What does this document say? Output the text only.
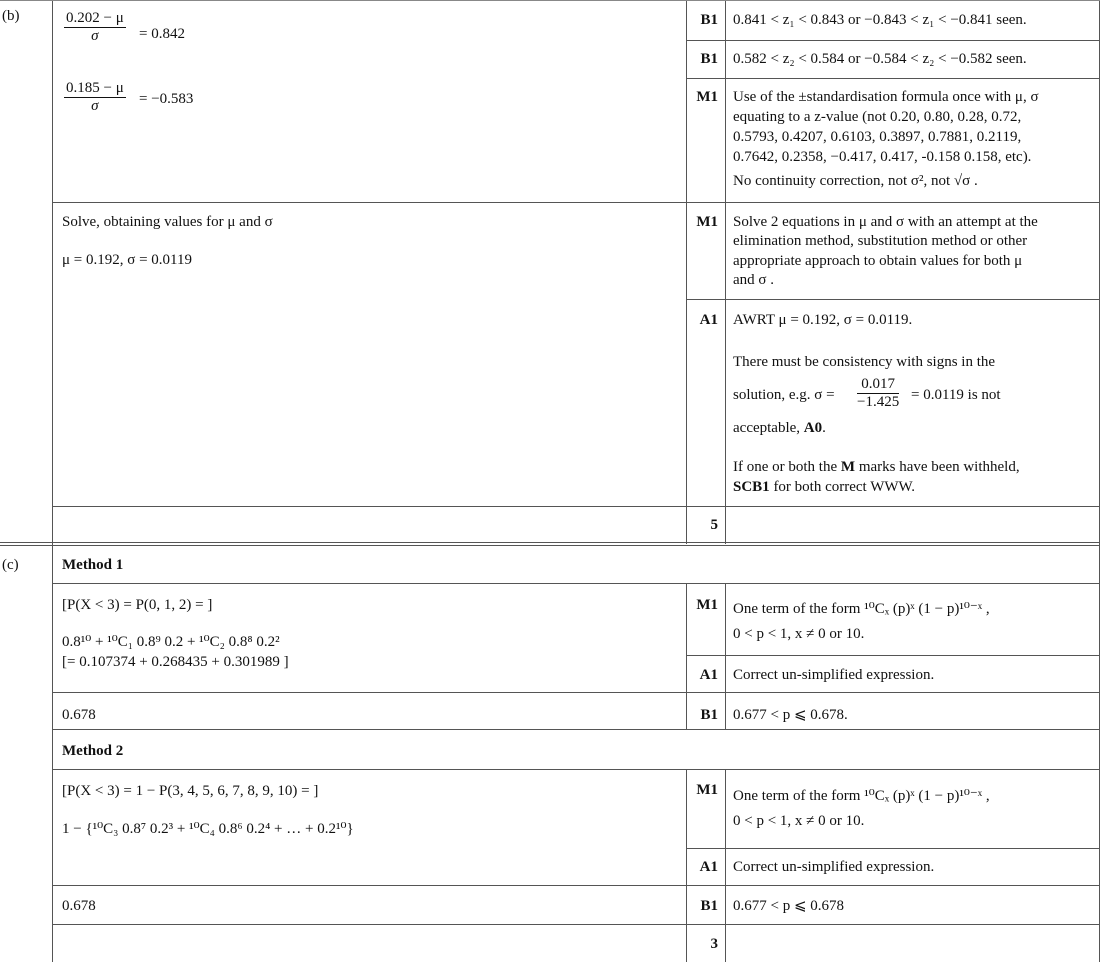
(b)	$\frac{0.202 - \mu}{\sigma} = 0.842$
$\frac{0.185 - \mu}{\sigma} = -0.583$
Solve, obtaining values for μ and σ
μ = 0.192, σ = 0.0119
B1 0.841 < z₁ < 0.843 or −0.843 < z₁ < −0.841 seen.
B1 0.582 < z₂ < 0.584 or −0.584 < z₂ < −0.582 seen.
M1 Use of the ±standardisation formula once with μ, σ
equating to a z-value (not 0.20, 0.80, 0.28, 0.72,
0.5793, 0.4207, 0.6103, 0.3897, 0.7881, 0.2119,
0.7642, 0.2358, −0.417, 0.417, -0.158 0.158, etc).
No continuity correction, not σ², not √σ .
M1 Solve 2 equations in μ and σ with an attempt at the
elimination method, substitution method or other
appropriate approach to obtain values for both μ
and σ .
A1 AWRT μ = 0.192, σ = 0.0119.
There must be consistency with signs in the
solution, e.g. $\sigma = \frac{0.017}{-1.425} = 0.0119$ is not
acceptable, A0.
If one or both the M marks have been withheld,
SCB1 for both correct WWW.
5
(c)	Method 1
[P(X < 3) = P(0, 1, 2) = ]
0.8¹⁰ + ¹⁰C₁ 0.8⁹ 0.2 + ¹⁰C₂ 0.8⁸ 0.2²
[= 0.107374 + 0.268435 + 0.301989 ]
0.678
M1 One term of the form ¹⁰Cₓ (p)ˣ (1 − p)¹⁰⁻ˣ ,
0 < p < 1, x ≠ 0 or 10.
A1 Correct un-simplified expression.
B1 0.677 < p ⩽ 0.678.
Method 2
[P(X < 3) = 1 − P(3, 4, 5, 6, 7, 8, 9, 10) = ]
1 − {¹⁰C₃ 0.8⁷ 0.2³ + ¹⁰C₄ 0.8⁶ 0.2⁴ + … + 0.2¹⁰}
0.678
M1 One term of the form ¹⁰Cₓ (p)ˣ (1 − p)¹⁰⁻ˣ ,
0 < p < 1, x ≠ 0 or 10.
A1 Correct un-simplified expression.
B1 0.677 < p ⩽ 0.678
3
